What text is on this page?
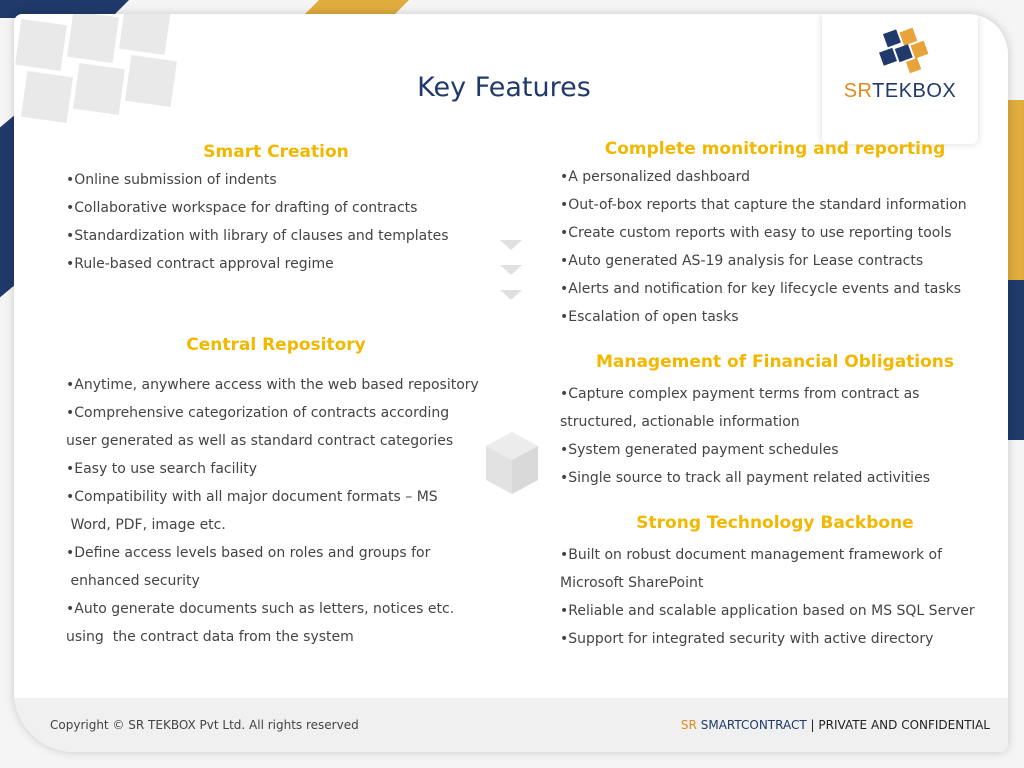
SRTEKBOX
Key Features
Smart Creation
•Online submission of indents
•Collaborative workspace for drafting of contracts
•Standardization with library of clauses and templates
•Rule-based contract approval regime
Central Repository
•Anytime, anywhere access with the web based repository
•Comprehensive categorization of contracts according
user generated as well as standard contract categories
•Easy to use search facility
•Compatibility with all major document formats – MS
Word, PDF, image etc.
•Define access levels based on roles and groups for
enhanced security
•Auto generate documents such as letters, notices etc.
using  the contract data from the system
Complete monitoring and reporting
•A personalized dashboard
•Out-of-box reports that capture the standard information
•Create custom reports with easy to use reporting tools
•Auto generated AS-19 analysis for Lease contracts
•Alerts and notification for key lifecycle events and tasks
•Escalation of open tasks
Management of Financial Obligations
•Capture complex payment terms from contract as
structured, actionable information
•System generated payment schedules
•Single source to track all payment related activities
Strong Technology Backbone
•Built on robust document management framework of
Microsoft SharePoint
•Reliable and scalable application based on MS SQL Server
•Support for integrated security with active directory
Copyright © SR TEKBOX Pvt Ltd. All rights reserved	SR SMARTCONTRACT | PRIVATE AND CONFIDENTIAL
